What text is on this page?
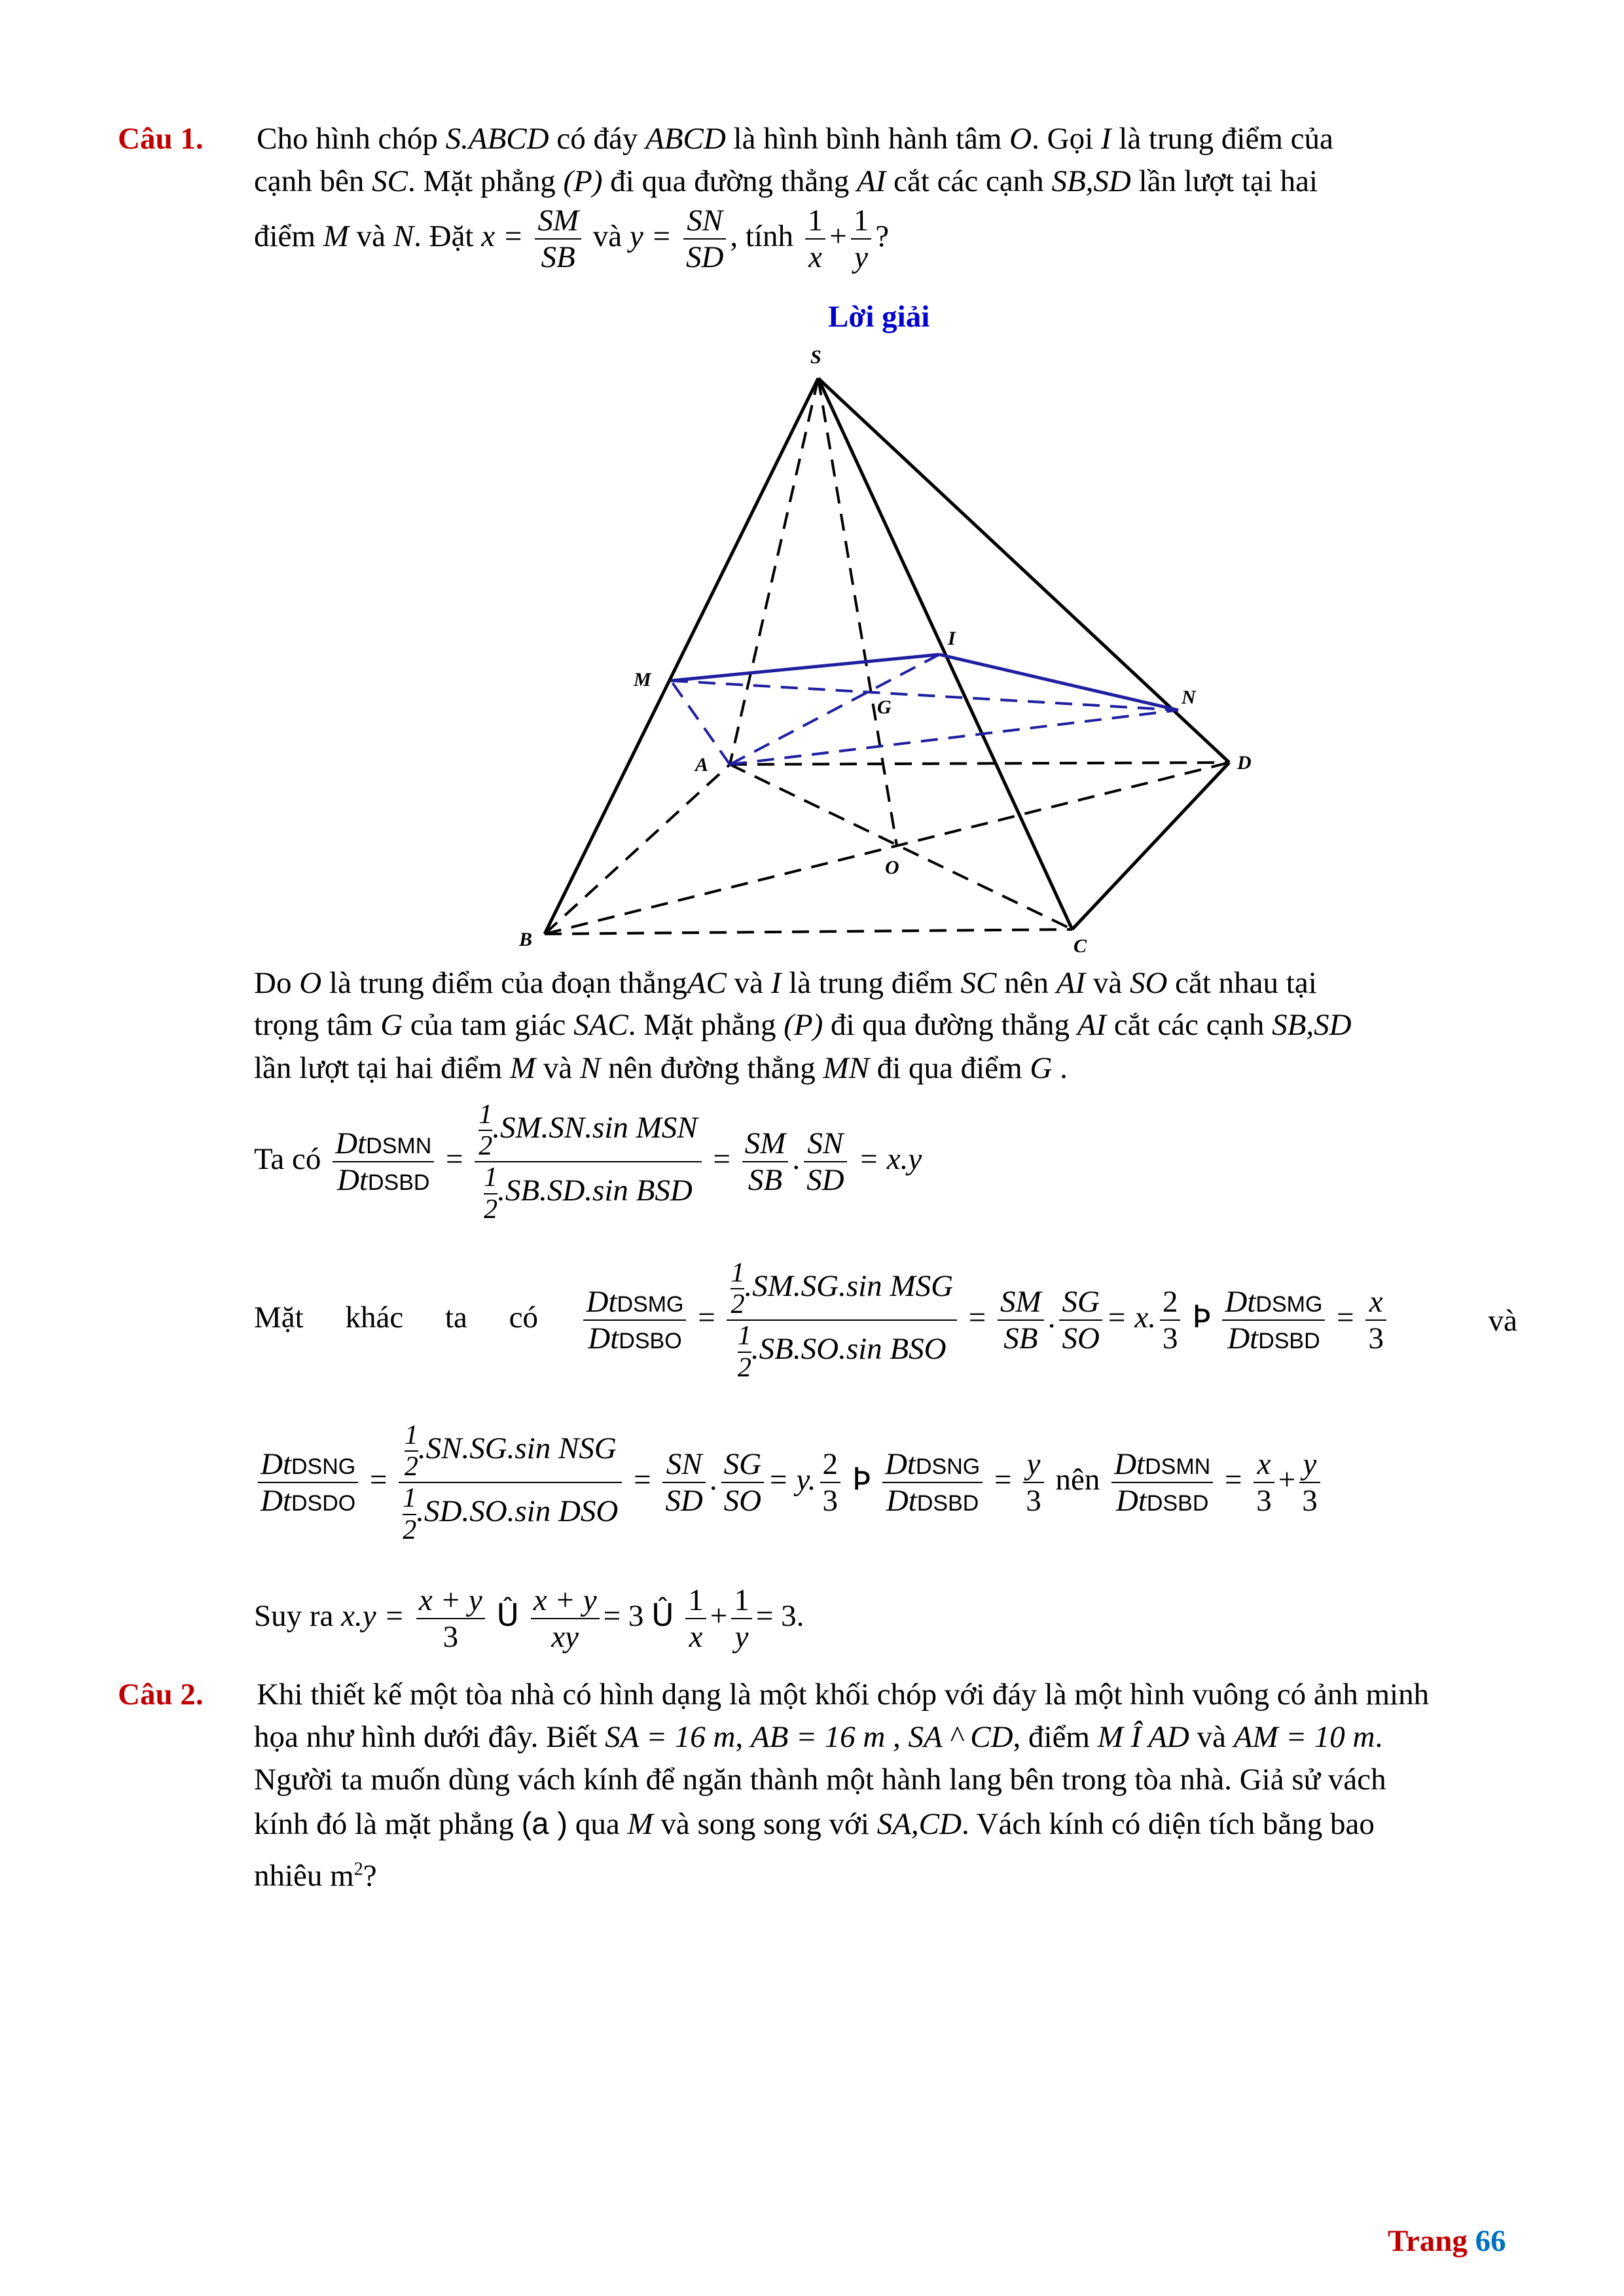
Câu 1. Cho hình chóp S.ABCD có đáy ABCD là hình bình hành tâm O. Gọi I là trung điểm của
cạnh bên SC. Mặt phẳng (P) đi qua đường thẳng AI cắt các cạnh SB,SD lần lượt tại hai
điểm M và N. Đặt $x = \frac{SM}{SB}$ và $y = \frac{SN}{SD}$ , tính $\frac{1}{x} + \frac{1}{y}$ ?
Lời giải
S
I
M
G	N
A	D
O
B	C
Do O là trung điểm của đoạn thẳngAC và I là trung điểm SC nên AI và SO cắt nhau tại
trọng tâm G của tam giác SAC. Mặt phẳng (P) đi qua đường thẳng AI cắt các cạnh SB,SD
lần lượt tại hai điểm M và N nên đường thẳng MN đi qua điểm G .
Ta có $\frac{\text{DtDSMN}}{\text{DtDSBD}} = \frac{1}{2} .SM.SN.\sin$ MSN
$\frac{1}{2} .SB.SD.\sin$ BSD
= $\frac{SM}{SB}$ . $\frac{SN}{SD} = x.y$
Mặt khác ta có $\frac{\text{DtDSMG}}{\text{DtDSBO}} = \frac{1}{2} .SM.SG.\sin$ MSG
$\frac{1}{2} .SB.SO.\sin$ BSO
= $\frac{SM}{SB}$ . $\frac{SG}{SO} = x$. $\frac{2}{3}$ Þ $\frac{\text{DtDSMG}}{\text{DtDSBD}} = \frac{x}{3}$	và
$\frac{\text{DtDSNG}}{\text{DtDSDO}} = \frac{1}{2} .SN.SG.\sin$ NSG
$\frac{1}{2} .SD.SO.\sin$ DSO
= $\frac{SN}{SD}$ . $\frac{SG}{SO} = y$. $\frac{2}{3}$ Þ $\frac{\text{DtDSNG}}{\text{DtDSBD}} = \frac{y}{3}$ nên $\frac{\text{DtDSMN}}{\text{DtDSBD}} = \frac{x}{3} + \frac{y}{3}$
Suy ra $x.y = \frac{x + y}{3}$ Û $\frac{x + y}{xy} = 3$ Û $\frac{1}{x} + \frac{1}{y} = 3$.
Câu 2. Khi thiết kế một tòa nhà có hình dạng là một khối chóp với đáy là một hình vuông có ảnh minh
họa như hình dưới đây. Biết SA = 16 m, AB = 16 m , SA ^ CD, điểm M Î AD và AM = 10 m.
Người ta muốn dùng vách kính để ngăn thành một hành lang bên trong tòa nhà. Giả sử vách
kính đó là mặt phẳng (a ) qua M và song song với SA,CD. Vách kính có diện tích bằng bao
nhiêu $m^2$?
Trang 66
